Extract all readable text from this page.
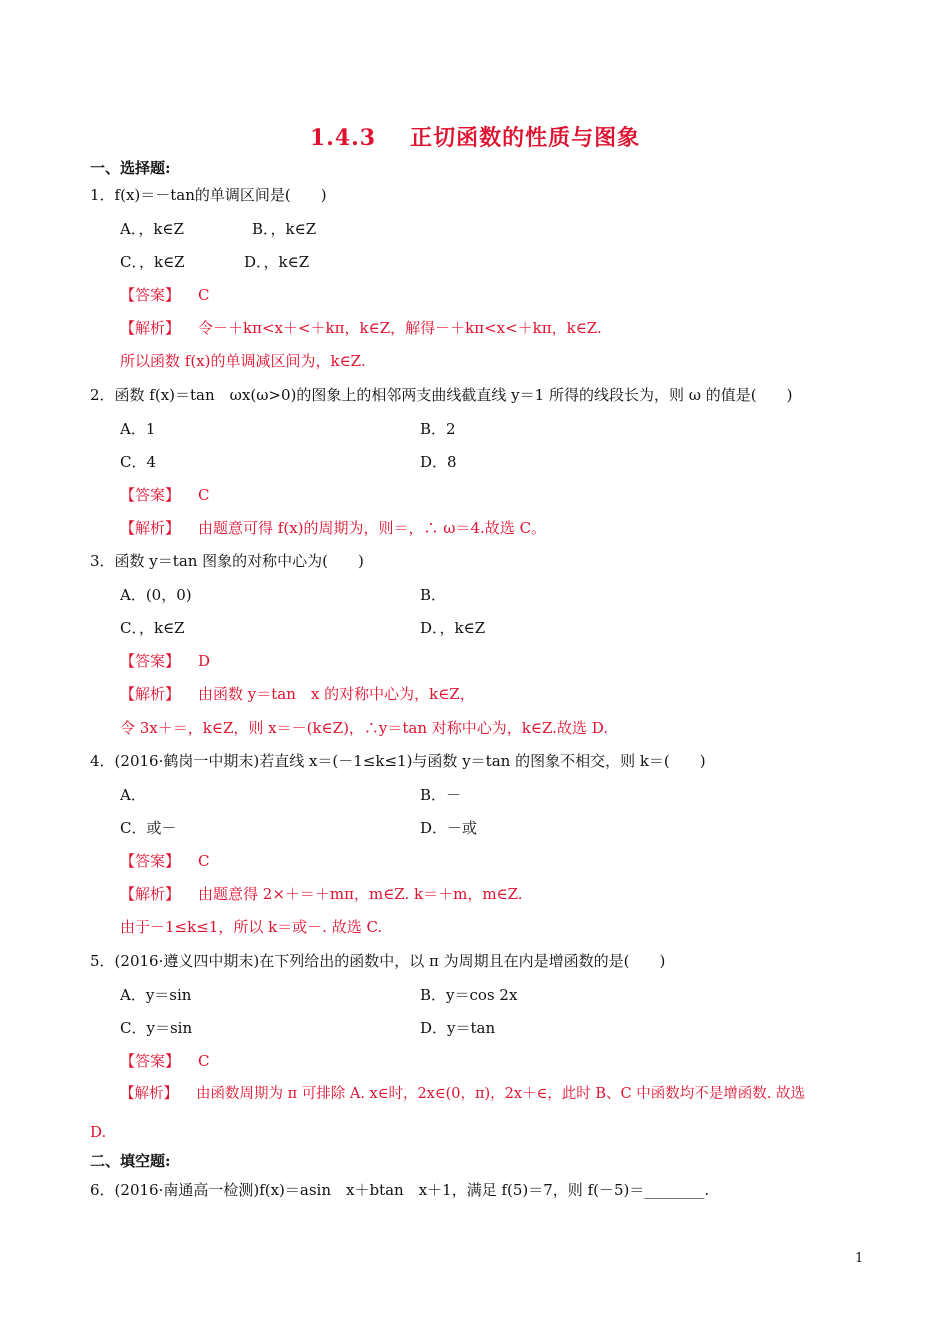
1.4.3 正切函数的性质与图象
一、选择题:
1．f(x)＝－tan的单调区间是(　　)
A．，k∈Z	B．，k∈Z
C．，k∈Z	D．，k∈Z
【答案】 C
【解析】 令－＋kπ<x＋<＋kπ，k∈Z，解得－＋kπ<x<＋kπ，k∈Z.
所以函数 f(x)的单调减区间为，k∈Z.
2．函数 f(x)＝tan　ωx(ω>0)的图象上的相邻两支曲线截直线 y＝1 所得的线段长为，则 ω 的值是(　　)
A．1	B．2
C．4	D．8
【答案】 C
【解析】 由题意可得 f(x)的周期为，则＝，∴ ω＝4.故选 C。
3．函数 y＝tan 图象的对称中心为(　　)
A．(0，0)	B．
C．，k∈Z	D．，k∈Z
【答案】 D
【解析】 由函数 y＝tan　x 的对称中心为，k∈Z，
令 3x＋＝，k∈Z，则 x＝－(k∈Z)，∴y＝tan 对称中心为，k∈Z.故选 D.
4．(2016·鹤岗一中期末)若直线 x＝(－1≤k≤1)与函数 y＝tan 的图象不相交，则 k＝(　　)
A．	B．－
C．或－	D．－或
【答案】 C
【解析】 由题意得 2×＋＝＋mπ，m∈Z. k＝＋m，m∈Z.
由于－1≤k≤1，所以 k＝或－. 故选 C.
5．(2016·遵义四中期末)在下列给出的函数中，以 π 为周期且在内是增函数的是(　　)
A．y＝sin	B．y＝cos 2x
C．y＝sin	D．y＝tan
【答案】 C
【解析】 由函数周期为 π 可排除 A. x∈时，2x∈(0，π)，2x＋∈，此时 B、C 中函数均不是增函数. 故选
D.
二、填空题:
6．(2016·南通高一检测)f(x)＝asin　x＋btan　x＋1，满足 f(5)＝7，则 f(－5)＝________.
1
